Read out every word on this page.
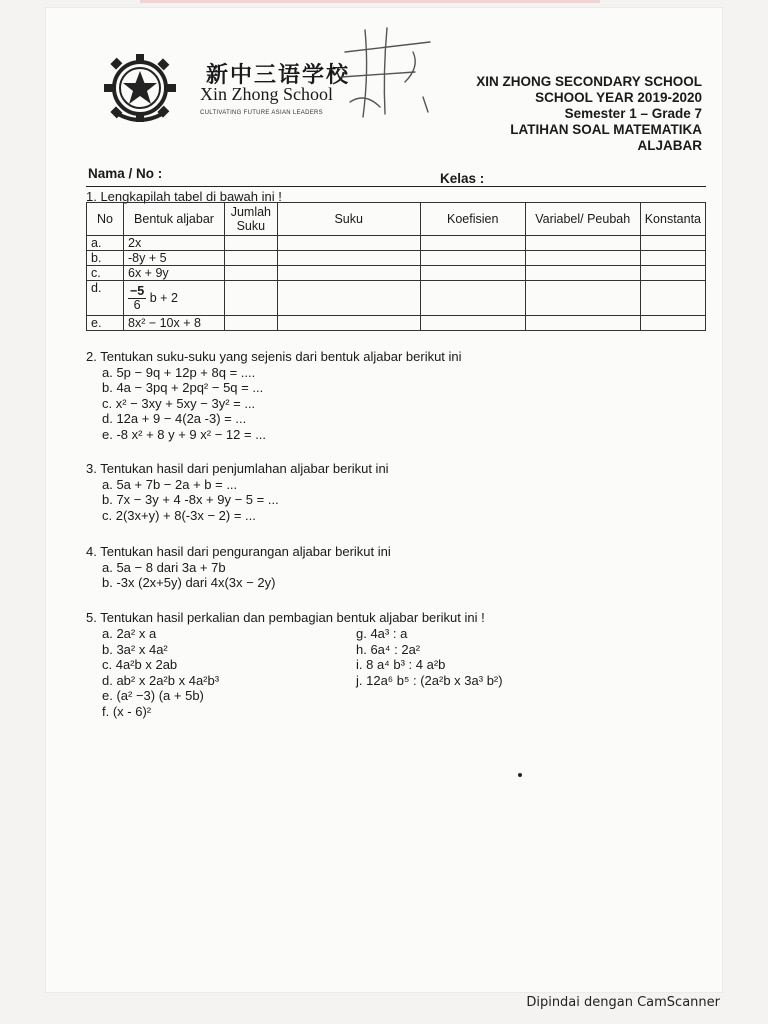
新中三语学校
Xin Zhong School
CULTIVATING FUTURE ASIAN LEADERS
XIN ZHONG SECONDARY SCHOOL
SCHOOL YEAR 2019-2020
Semester 1 – Grade 7
LATIHAN SOAL MATEMATIKA
ALJABAR
Nama / No :	Kelas :
1. Lengkapilah tabel di bawah ini !
No	Bentuk aljabar	Jumlah Suku	Suku	Koefisien	Variabel/ Peubah	Konstanta
a.	2x					
b.	-8y + 5					
c.	6x + 9y					
d.	$\frac{-5}{6}$ b + 2					
e.	8x² − 10x + 8					
2. Tentukan suku-suku yang sejenis dari bentuk aljabar berikut ini
a. 5p − 9q + 12p + 8q = ....
b. 4a − 3pq + 2pq² − 5q = ...
c. x² − 3xy + 5xy − 3y² = ...
d. 12a + 9 − 4(2a -3) = ...
e. -8 x² + 8 y + 9 x² − 12 = ...
3. Tentukan hasil dari penjumlahan aljabar berikut ini
a. 5a + 7b − 2a + b = ...
b. 7x − 3y + 4 -8x + 9y − 5 = ...
c. 2(3x+y) + 8(-3x − 2) = ...
4. Tentukan hasil dari pengurangan aljabar berikut ini
a. 5a − 8 dari 3a + 7b
b. -3x (2x+5y) dari 4x(3x − 2y)
5. Tentukan hasil perkalian dan pembagian bentuk aljabar berikut ini !
a. 2a² x a
b. 3a² x 4a²
c. 4a²b x 2ab
d. ab² x 2a²b x 4a²b³
e. (a² −3) (a + 5b)
f. (x - 6)²
g. 4a³ : a
h. 6a⁴ : 2a²
i. 8 a⁴ b³ : 4 a²b
j. 12a⁶ b⁵ : (2a²b x 3a³ b²)
Dipindai dengan CamScanner
